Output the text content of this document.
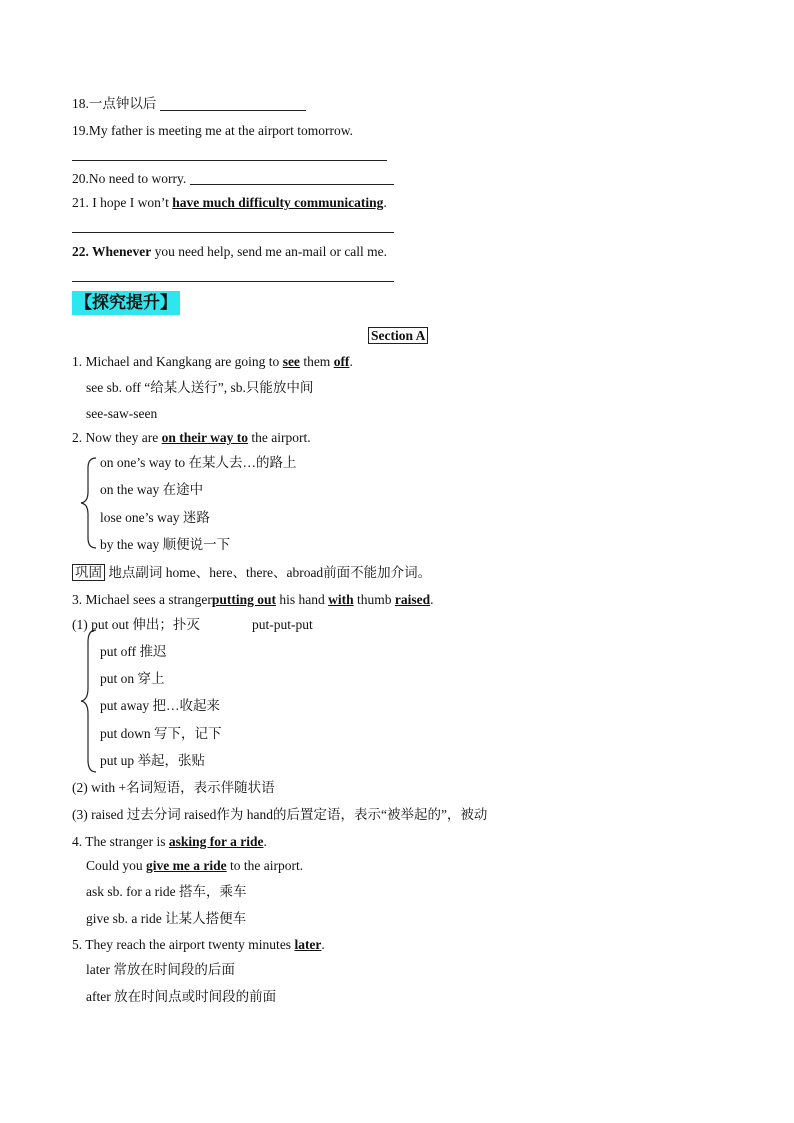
18.一点钟以后
19.My father is meeting me at the airport tomorrow.
20.No need to worry.
21. I hope I won’t have much difficulty communicating.
22. Whenever you need help, send me an-mail or call me.
【探究提升】
Section A
1. Michael and Kangkang are going to see them off.
see sb. off “给某人送行”, sb.只能放中间
see-saw-seen
2. Now they are on their way to the airport.
on one’s way to 在某人去…的路上
on the way 在途中
lose one’s way 迷路
by the way 顺便说一下
巩固 地点副词 home、here、there、abroad前面不能加介词。
3. Michael sees a strangerputting out his hand with thumb raised.
(1) put out 伸出；扑灭	put-put-put
put off 推迟
put on 穿上
put away 把…收起来
put down 写下，记下
put up 举起，张贴
(2) with +名词短语，表示伴随状语
(3) raised 过去分词 raised作为 hand的后置定语，表示“被举起的”，被动
4. The stranger is asking for a ride.
Could you give me a ride to the airport.
ask sb. for a ride 搭车，乘车
give sb. a ride 让某人搭便车
5. They reach the airport twenty minutes later.
later 常放在时间段的后面
after 放在时间点或时间段的前面
